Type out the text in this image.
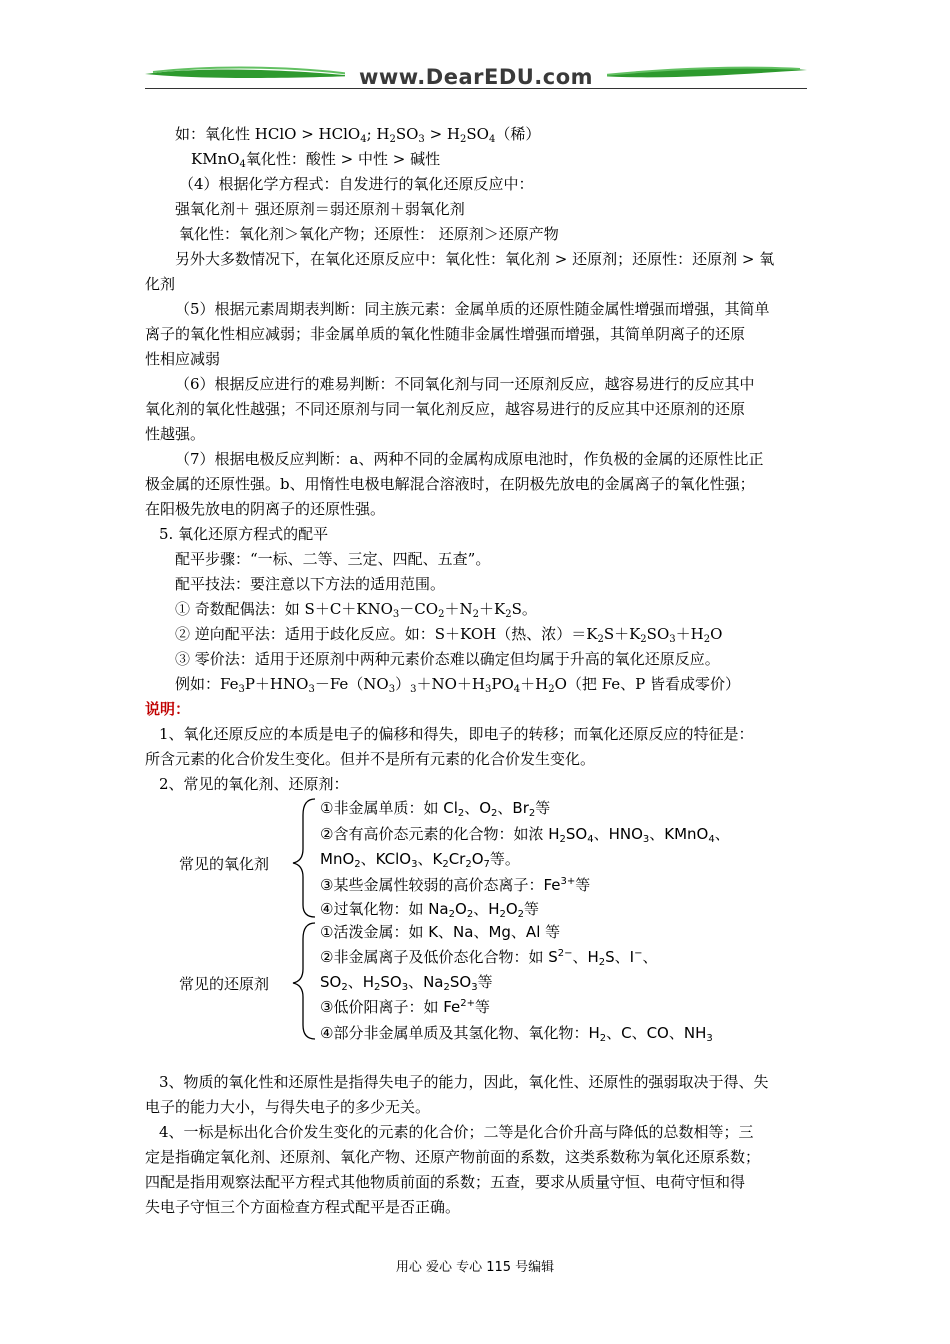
www.DearEDU.com
如：氧化性 HClO > HClO$_4$; $H_2SO_3 > H_2SO_4$（稀）
KMnO$_4$氧化性：酸性 > 中性 > 碱性
（4）根据化学方程式：自发进行的氧化还原反应中：
强氧化剂＋ 强还原剂＝弱还原剂＋弱氧化剂
氧化性：氧化剂＞氧化产物；还原性： 还原剂＞还原产物
另外大多数情况下，在氧化还原反应中：氧化性：氧化剂 > 还原剂；还原性：还原剂 > 氧
化剂
（5）根据元素周期表判断：同主族元素：金属单质的还原性随金属性增强而增强，其简单
离子的氧化性相应减弱；非金属单质的氧化性随非金属性增强而增强，其简单阴离子的还原
性相应减弱
（6）根据反应进行的难易判断：不同氧化剂与同一还原剂反应，越容易进行的反应其中
氧化剂的氧化性越强；不同还原剂与同一氧化剂反应，越容易进行的反应其中还原剂的还原
性越强。
（7）根据电极反应判断：a、两种不同的金属构成原电池时，作负极的金属的还原性比正
极金属的还原性强。b、用惰性电极电解混合溶液时，在阴极先放电的金属离子的氧化性强；
在阳极先放电的阴离子的还原性强。
5. 氧化还原方程式的配平
配平步骤：“一标、二等、三定、四配、五查”。
配平技法：要注意以下方法的适用范围。
① 奇数配偶法：如 $S+C+KNO_3-CO_2+N_2+K_2S$。
② 逆向配平法：适用于歧化反应。如：S＋KOH（热、浓）$=K_2S+K_2SO_3+H_2O$
③ 零价法：适用于还原剂中两种元素价态难以确定但均属于升高的氧化还原反应。
例如：$Fe_3P+HNO_3-Fe(NO_3)_3+NO+H_3PO_4+H_2O$（把 Fe、P 皆看成零价）
说明：
1、氧化还原反应的本质是电子的偏移和得失，即电子的转移；而氧化还原反应的特征是：
所含元素的化合价发生变化。但并不是所有元素的化合价发生变化。
2、常见的氧化剂、还原剂：
常见的氧化剂
常见的还原剂
①非金属单质：如 $Cl_2$、$O_2$、$Br_2$等
②含有高价态元素的化合物：如浓 $H_2SO_4$、$HNO_3$、KMnO$_4$、
MnO$_2$、KClO$_3$、$K_2Cr_2O_7$等。
③某些金属性较弱的高价态离子：$Fe^{3+}$等
④过氧化物：如 $Na_2O_2$、$H_2O_2$等
①活泼金属：如 K、Na、Mg、Al 等
②非金属离子及低价态化合物：如 $S^{2-}$、$H_2S$、I−、
$SO_2$、$H_2SO_3$、$Na_2SO_3$等
③低价阳离子：如 $Fe^{2+}$等
④部分非金属单质及其氢化物、氧化物：$H_2$、C、CO、$NH_3$
3、物质的氧化性和还原性是指得失电子的能力，因此，氧化性、还原性的强弱取决于得、失
电子的能力大小，与得失电子的多少无关。
4、一标是标出化合价发生变化的元素的化合价；二等是化合价升高与降低的总数相等；三
定是指确定氧化剂、还原剂、氧化产物、还原产物前面的系数，这类系数称为氧化还原系数；
四配是指用观察法配平方程式其他物质前面的系数；五查，要求从质量守恒、电荷守恒和得
失电子守恒三个方面检查方程式配平是否正确。
用心 爱心 专心 115 号编辑
